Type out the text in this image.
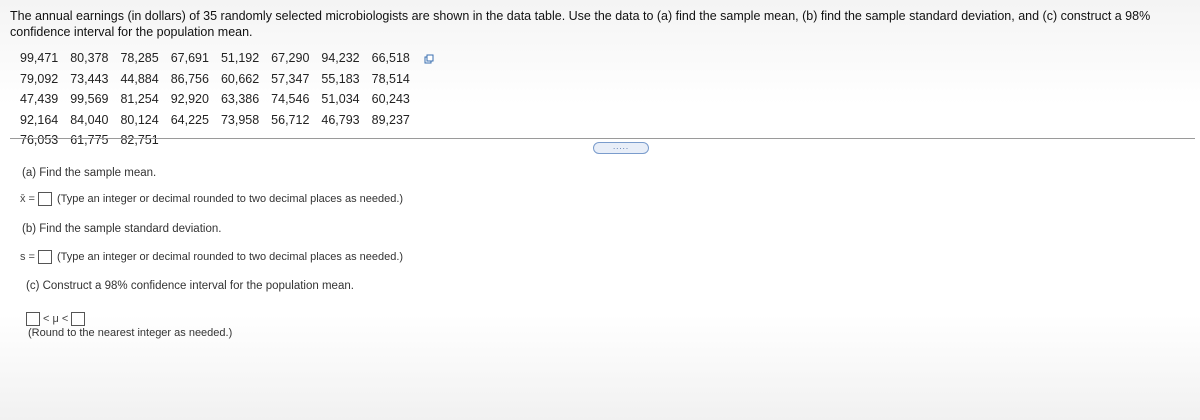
The annual earnings (in dollars) of 35 randomly selected microbiologists are shown in the data table. Use the data to (a) find the sample mean, (b) find the sample standard deviation, and (c) construct a 98% confidence interval for the population mean.
99,471	80,378	78,285	67,691	51,192	67,290	94,232	66,518	
79,092	73,443	44,884	86,756	60,662	57,347	55,183	78,514	
47,439	99,569	81,254	92,920	63,386	74,546	51,034	60,243	
92,164	84,040	80,124	64,225	73,958	56,712	46,793	89,237	
76,053	61,775	82,751							.....
(a) Find the sample mean.
x̄ = (Type an integer or decimal rounded to two decimal places as needed.)
(b) Find the sample standard deviation.
s = (Type an integer or decimal rounded to two decimal places as needed.)
(c) Construct a 98% confidence interval for the population mean.
< μ <
(Round to the nearest integer as needed.)
